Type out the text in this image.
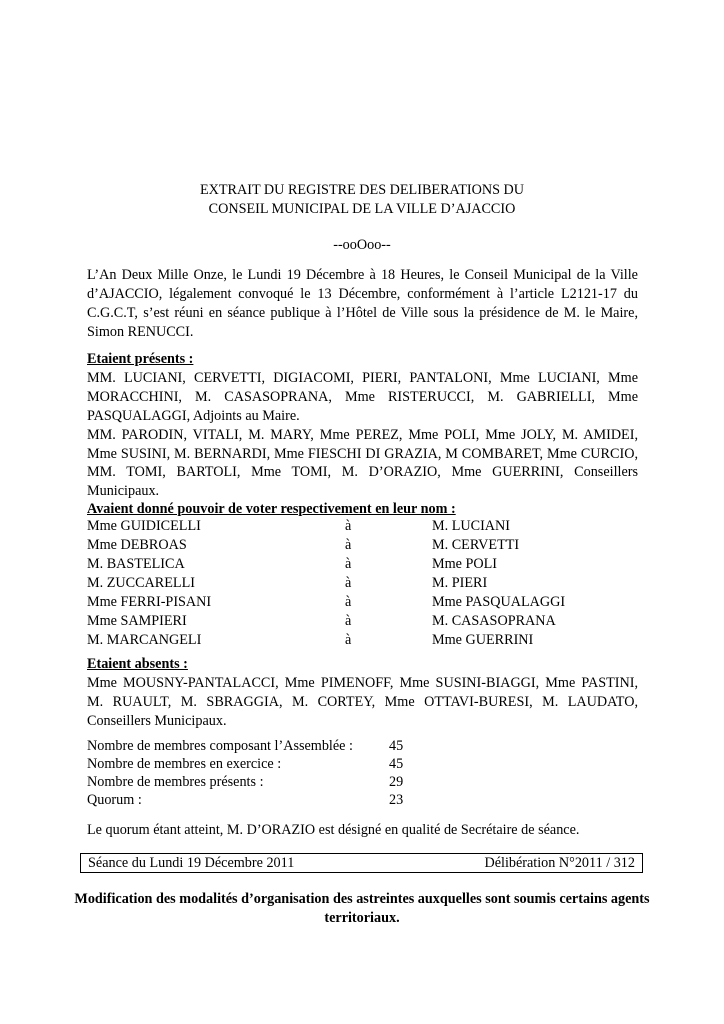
EXTRAIT DU REGISTRE DES DELIBERATIONS DU
CONSEIL MUNICIPAL DE LA VILLE D’AJACCIO
--ooOoo--

L’An Deux Mille Onze, le Lundi 19 Décembre à 18 Heures, le Conseil Municipal de la Ville d’AJACCIO, légalement convoqué le 13 Décembre, conformément à l’article L2121-17 du C.G.C.T, s’est réuni en séance publique à l’Hôtel de Ville sous la présidence de M. le Maire, Simon RENUCCI.

Etaient présents :

MM. LUCIANI, CERVETTI, DIGIACOMI, PIERI, PANTALONI, Mme LUCIANI, Mme MORACCHINI, M. CASASOPRANA, Mme RISTERUCCI, M. GABRIELLI, Mme PASQUALAGGI, Adjoints au Maire.

MM. PARODIN, VITALI, M. MARY, Mme PEREZ, Mme POLI, Mme JOLY, M. AMIDEI, Mme SUSINI, M. BERNARDI, Mme FIESCHI DI GRAZIA, M COMBARET, Mme CURCIO, MM. TOMI, BARTOLI, Mme TOMI, M. D’ORAZIO, Mme GUERRINI, Conseillers Municipaux.

Avaient donné pouvoir de voter respectivement en leur nom :

Mme GUIDICELLI	à	M. LUCIANI
Mme DEBROAS	à	M. CERVETTI
M. BASTELICA	à	Mme POLI
M. ZUCCARELLI	à	M. PIERI
Mme FERRI-PISANI	à	Mme PASQUALAGGI
Mme SAMPIERI	à	M. CASASOPRANA
M. MARCANGELI	à	Mme GUERRINI

Etaient absents :

Mme MOUSNY-PANTALACCI, Mme PIMENOFF, Mme SUSINI-BIAGGI, Mme PASTINI, M. RUAULT, M. SBRAGGIA, M. CORTEY, Mme OTTAVI-BURESI, M. LAUDATO, Conseillers Municipaux.

Nombre de membres composant l’Assemblée :	45
Nombre de membres en exercice :	45
Nombre de membres présents :	29
Quorum :	23

Le quorum étant atteint, M. D’ORAZIO est désigné en qualité de Secrétaire de séance.

Séance du Lundi 19 Décembre 2011	Délibération N°2011 / 312
Modification des modalités d’organisation des astreintes auxquelles sont soumis certains agents territoriaux.
